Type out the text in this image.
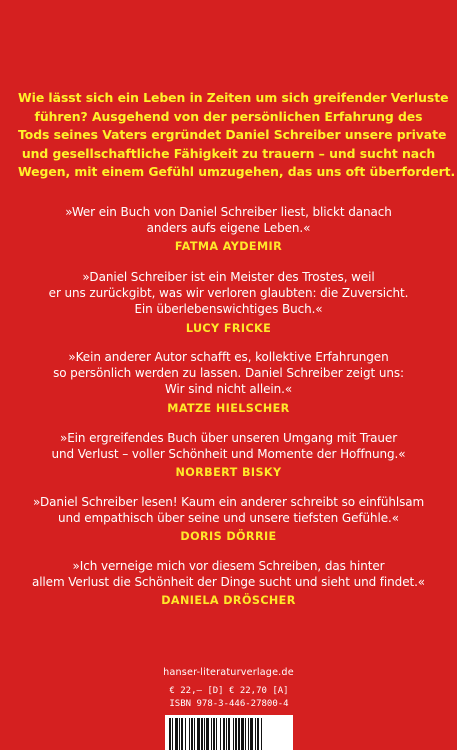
Wie lässt sich ein Leben in Zeiten um sich greifender Verluste
führen? Ausgehend von der persönlichen Erfahrung des
Tods seines Vaters ergründet Daniel Schreiber unsere private
und gesellschaftliche Fähigkeit zu trauern – und sucht nach
Wegen, mit einem Gefühl umzugehen, das uns oft überfordert.
»Wer ein Buch von Daniel Schreiber liest, blickt danach
anders aufs eigene Leben.«
FATMA AYDEMIR
»Daniel Schreiber ist ein Meister des Trostes, weil
er uns zurückgibt, was wir verloren glaubten: die Zuversicht.
Ein überlebenswichtiges Buch.«
LUCY FRICKE
»Kein anderer Autor schafft es, kollektive Erfahrungen
so persönlich werden zu lassen. Daniel Schreiber zeigt uns:
Wir sind nicht allein.«
MATZE HIELSCHER
»Ein ergreifendes Buch über unseren Umgang mit Trauer
und Verlust – voller Schönheit und Momente der Hoffnung.«
NORBERT BISKY
»Daniel Schreiber lesen! Kaum ein anderer schreibt so einfühlsam
und empathisch über seine und unsere tiefsten Gefühle.«
DORIS DÖRRIE
»Ich verneige mich vor diesem Schreiben, das hinter
allem Verlust die Schönheit der Dinge sucht und sieht und findet.«
DANIELA DRÖSCHER
hanser-literaturverlage.de
€ 22,– [D] € 22,70 [A]
ISBN 978-3-446-27800-4
